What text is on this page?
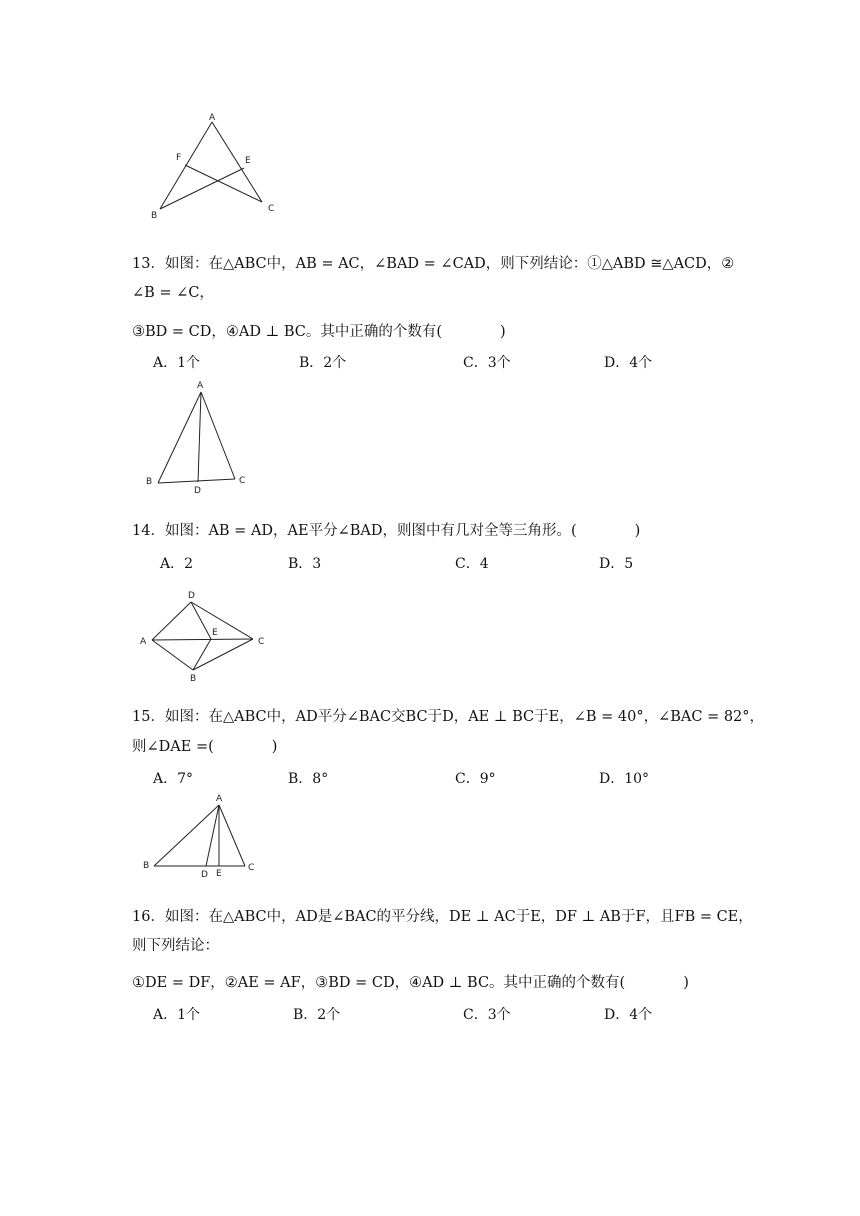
A
F	E
B
C
13．如图：在△ABC中，AB = AC，∠BAD = ∠CAD，则下列结论：①△ABD ≅△ACD，②
∠B = ∠C，
③BD = CD，④AD ⊥ BC。其中正确的个数有(　　　　)
A．1个	B．2个	C．3个	D．4个
A
B
D
C
14．如图：AB = AD，AE平分∠BAD，则图中有几对全等三角形。(　　　　)
A．2	B．3	C．4	D．5
D
A
E
C
B
15．如图：在△ABC中，AD平分∠BAC交BC于D，AE ⊥ BC于E，∠B = 40°，∠BAC = 82°，
则∠DAE =(　　　　)
A．7°	B．8°	C．9°	D．10°
A
B
D E
C
16．如图：在△ABC中，AD是∠BAC的平分线，DE ⊥ AC于E，DF ⊥ AB于F，且FB = CE，
则下列结论：
①DE = DF，②AE = AF，③BD = CD，④AD ⊥ BC。其中正确的个数有(　　　　)
A．1个	B．2个	C．3个	D．4个
